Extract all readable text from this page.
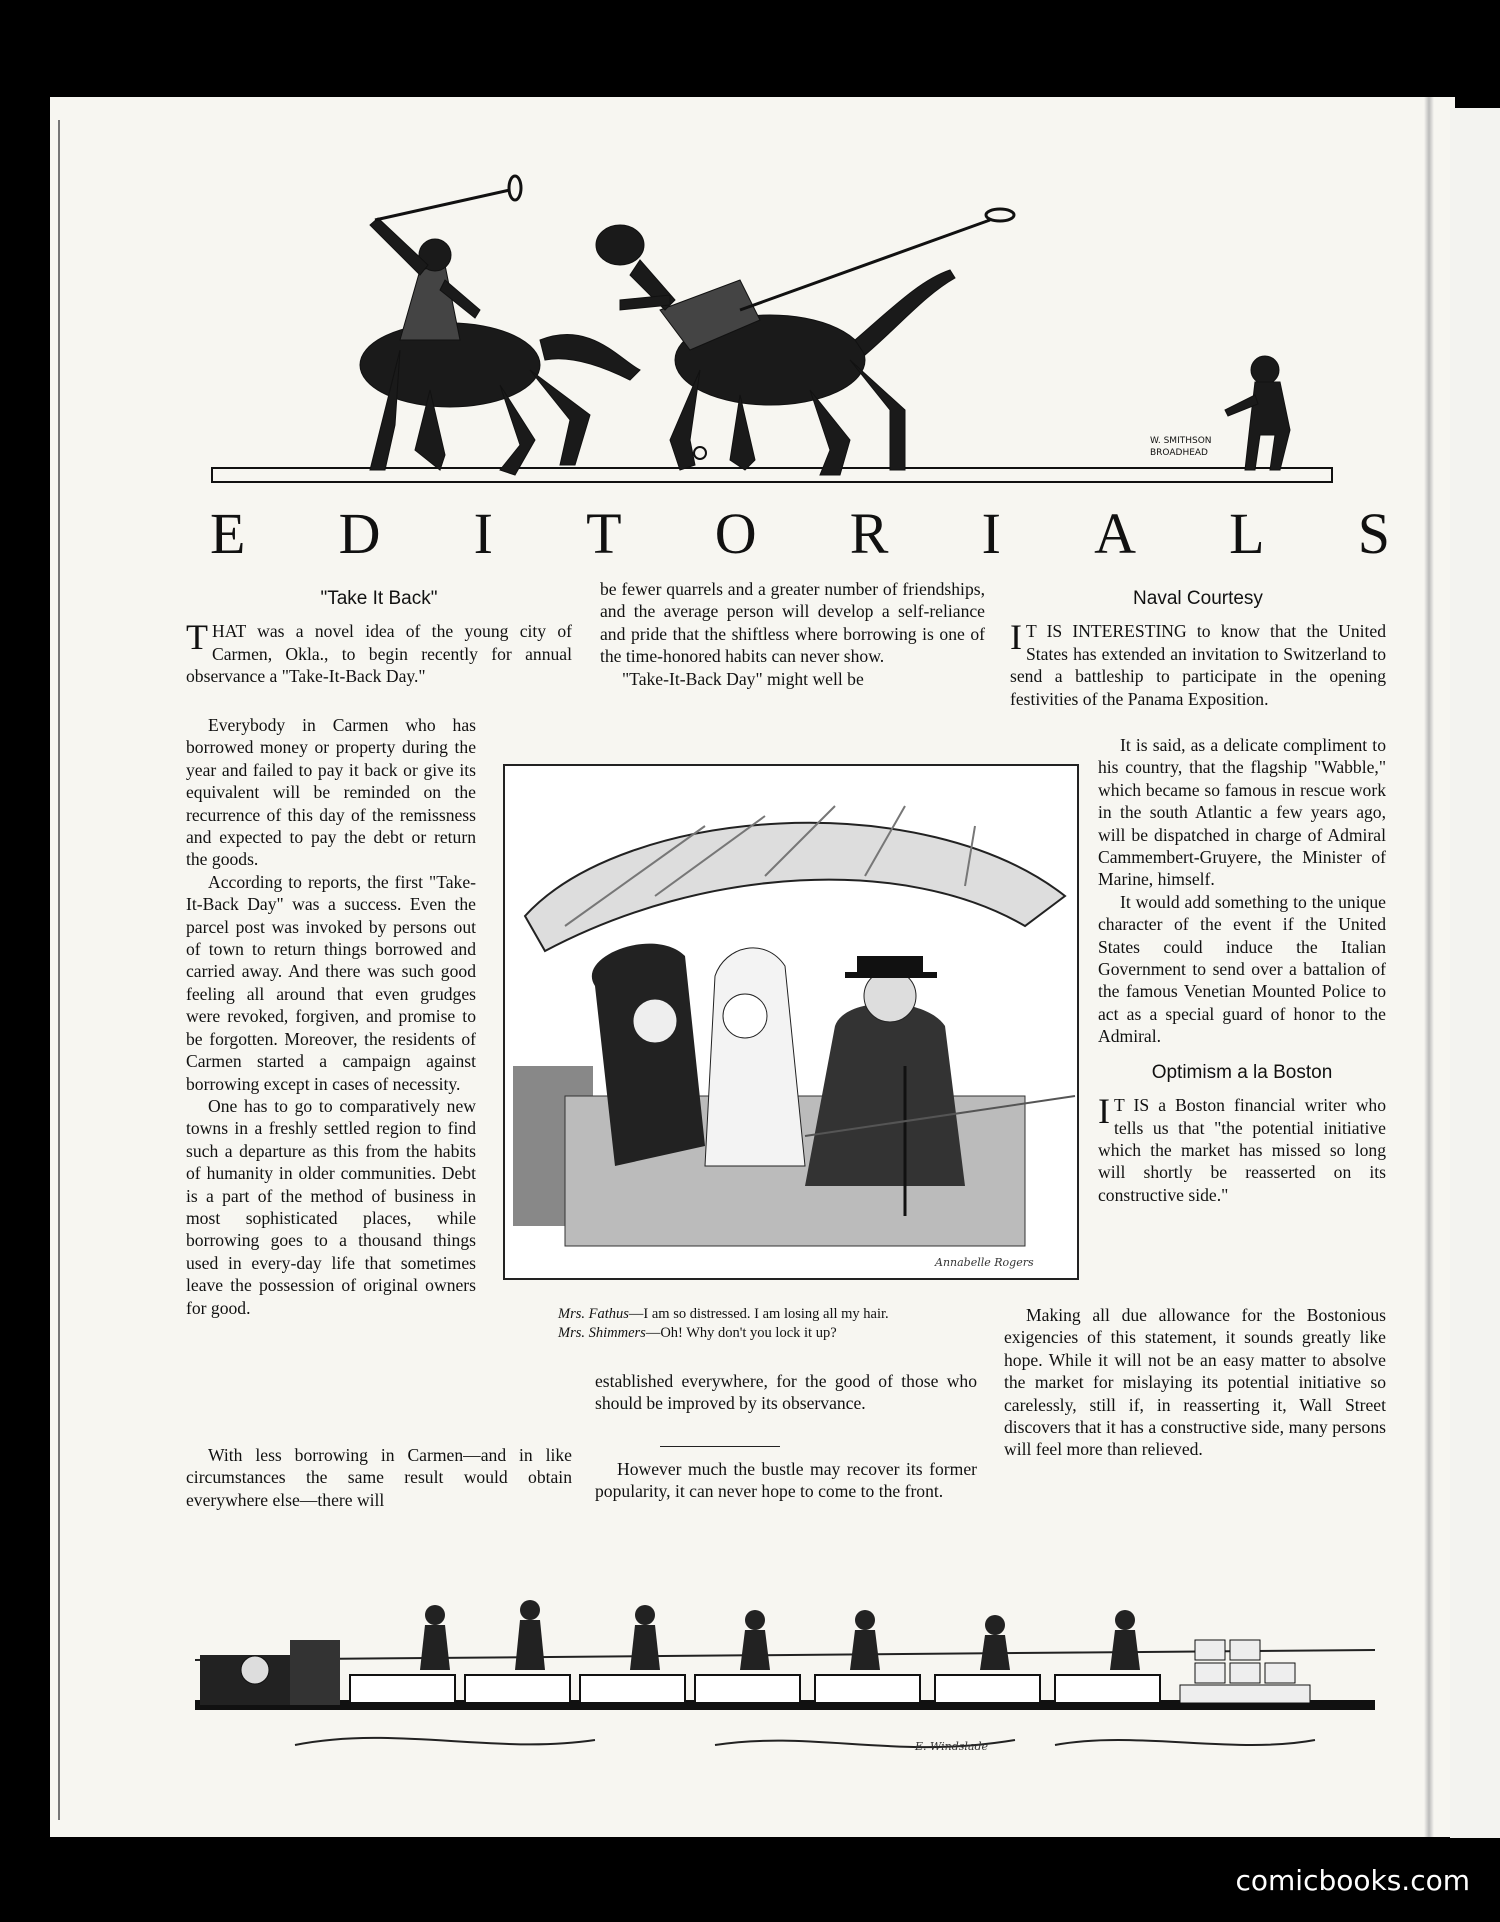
W. SMITHSON
BROADHEAD
E D I T O R I A L S
"Take It Back"

THAT was a novel idea of the young city of Carmen, Okla., to begin recently for annual observance a "Take-It-Back Day."

Everybody in Carmen who has borrowed money or property during the year and failed to pay it back or give its equivalent will be reminded on the recurrence of this day of the remissness and expected to pay the debt or return the goods.

According to reports, the first "Take-It-Back Day" was a success. Even the parcel post was invoked by persons out of town to return things borrowed and carried away. And there was such good feeling all around that even grudges were revoked, forgiven, and promise to be forgotten. Moreover, the residents of Carmen started a campaign against borrowing except in cases of necessity.

One has to go to comparatively new towns in a freshly settled region to find such a departure as this from the habits of humanity in older communities. Debt is a part of the method of business in most sophisticated places, while borrowing goes to a thousand things used in every-day life that sometimes leave the possession of original owners for good.

With less borrowing in Carmen—and in like circumstances the same result would obtain everywhere else—there will

be fewer quarrels and a greater number of friendships, and the average person will develop a self-reliance and pride that the shiftless where borrowing is one of the time-honored habits can never show.

"Take-It-Back Day" might well be

Annabelle Rogers
Mrs. Fathus—I am so distressed. I am losing all my hair.
Mrs. Shimmers—Oh! Why don't you lock it up?

established everywhere, for the good of those who should be improved by its observance.

However much the bustle may recover its former popularity, it can never hope to come to the front.

Naval Courtesy

I T IS INTERESTING to know that the United States has extended an invitation to Switzerland to send a battleship to participate in the opening festivities of the Panama Exposition.

It is said, as a delicate compliment to his country, that the flagship "Wabble," which became so famous in rescue work in the south Atlantic a few years ago, will be dispatched in charge of Admiral Cammembert-Gruyere, the Minister of Marine, himself.

It would add something to the unique character of the event if the United States could induce the Italian Government to send over a battalion of the famous Venetian Mounted Police to act as a special guard of honor to the Admiral.

Optimism a la Boston

I T IS a Boston financial writer who tells us that "the potential initiative which the market has missed so long will shortly be reasserted on its constructive side."

Making all due allowance for the Bostonious exigencies of this statement, it sounds greatly like hope. While it will not be an easy matter to absolve the market for mislaying its potential initiative so carelessly, still if, in reasserting it, Wall Street discovers that it has a constructive side, many persons will feel more than relieved.

E. Windslade
comicbooks.com
